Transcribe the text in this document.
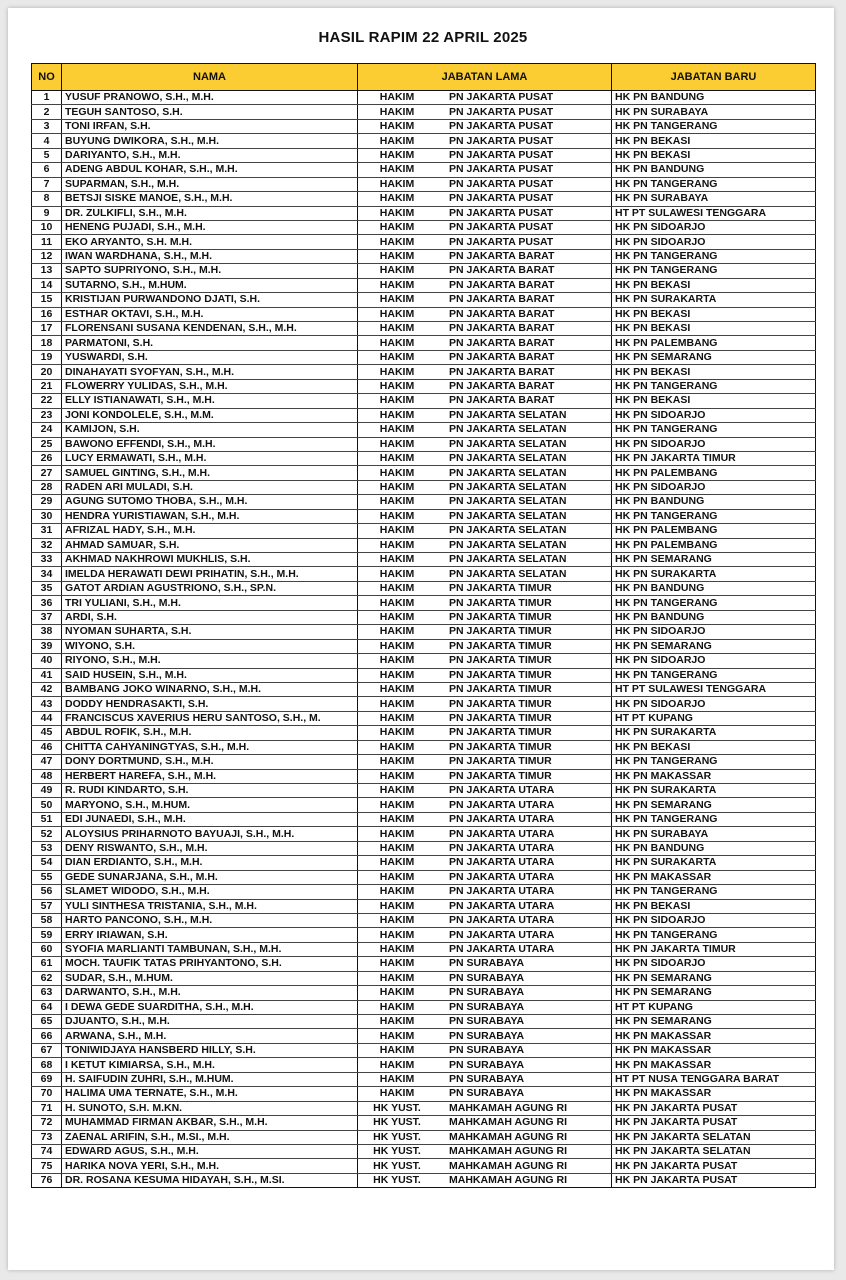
HASIL RAPIM 22 APRIL 2025
NO	NAMA	JABATAN LAMA	JABATAN BARU
1	YUSUF PRANOWO, S.H., M.H.	HAKIM PN JAKARTA PUSAT	HK PN BANDUNG
2	TEGUH SANTOSO, S.H.	HAKIM PN JAKARTA PUSAT	HK PN SURABAYA
3	TONI IRFAN, S.H.	HAKIM PN JAKARTA PUSAT	HK PN TANGERANG
4	BUYUNG DWIKORA, S.H., M.H.	HAKIM PN JAKARTA PUSAT	HK PN BEKASI
5	DARIYANTO, S.H., M.H.	HAKIM PN JAKARTA PUSAT	HK PN BEKASI
6	ADENG ABDUL KOHAR, S.H., M.H.	HAKIM PN JAKARTA PUSAT	HK PN BANDUNG
7	SUPARMAN, S.H., M.H.	HAKIM PN JAKARTA PUSAT	HK PN TANGERANG
8	BETSJI SISKE MANOE, S.H., M.H.	HAKIM PN JAKARTA PUSAT	HK PN SURABAYA
9	DR. ZULKIFLI, S.H., M.H.	HAKIM PN JAKARTA PUSAT	HT PT SULAWESI TENGGARA
10	HENENG PUJADI, S.H., M.H.	HAKIM PN JAKARTA PUSAT	HK PN SIDOARJO
11	EKO ARYANTO, S.H. M.H.	HAKIM PN JAKARTA PUSAT	HK PN SIDOARJO
12	IWAN WARDHANA, S.H., M.H.	HAKIM PN JAKARTA BARAT	HK PN TANGERANG
13	SAPTO SUPRIYONO, S.H., M.H.	HAKIM PN JAKARTA BARAT	HK PN TANGERANG
14	SUTARNO, S.H., M.HUM.	HAKIM PN JAKARTA BARAT	HK PN BEKASI
15	KRISTIJAN PURWANDONO DJATI, S.H.	HAKIM PN JAKARTA BARAT	HK PN SURAKARTA
16	ESTHAR OKTAVI, S.H., M.H.	HAKIM PN JAKARTA BARAT	HK PN BEKASI
17	FLORENSANI SUSANA KENDENAN, S.H., M.H.	HAKIM PN JAKARTA BARAT	HK PN BEKASI
18	PARMATONI, S.H.	HAKIM PN JAKARTA BARAT	HK PN PALEMBANG
19	YUSWARDI, S.H.	HAKIM PN JAKARTA BARAT	HK PN SEMARANG
20	DINAHAYATI SYOFYAN, S.H., M.H.	HAKIM PN JAKARTA BARAT	HK PN BEKASI
21	FLOWERRY YULIDAS, S.H., M.H.	HAKIM PN JAKARTA BARAT	HK PN TANGERANG
22	ELLY ISTIANAWATI, S.H., M.H.	HAKIM PN JAKARTA BARAT	HK PN BEKASI
23	JONI KONDOLELE, S.H., M.M.	HAKIM PN JAKARTA SELATAN	HK PN SIDOARJO
24	KAMIJON, S.H.	HAKIM PN JAKARTA SELATAN	HK PN TANGERANG
25	BAWONO EFFENDI, S.H., M.H.	HAKIM PN JAKARTA SELATAN	HK PN SIDOARJO
26	LUCY ERMAWATI, S.H., M.H.	HAKIM PN JAKARTA SELATAN	HK PN JAKARTA TIMUR
27	SAMUEL GINTING, S.H., M.H.	HAKIM PN JAKARTA SELATAN	HK PN PALEMBANG
28	RADEN ARI MULADI, S.H.	HAKIM PN JAKARTA SELATAN	HK PN SIDOARJO
29	AGUNG SUTOMO THOBA, S.H., M.H.	HAKIM PN JAKARTA SELATAN	HK PN BANDUNG
30	HENDRA YURISTIAWAN, S.H., M.H.	HAKIM PN JAKARTA SELATAN	HK PN TANGERANG
31	AFRIZAL HADY, S.H., M.H.	HAKIM PN JAKARTA SELATAN	HK PN PALEMBANG
32	AHMAD SAMUAR, S.H.	HAKIM PN JAKARTA SELATAN	HK PN PALEMBANG
33	AKHMAD NAKHROWI MUKHLIS, S.H.	HAKIM PN JAKARTA SELATAN	HK PN SEMARANG
34	IMELDA HERAWATI DEWI PRIHATIN, S.H., M.H.	HAKIM PN JAKARTA SELATAN	HK PN SURAKARTA
35	GATOT ARDIAN AGUSTRIONO, S.H., SP.N.	HAKIM PN JAKARTA TIMUR	HK PN BANDUNG
36	TRI YULIANI, S.H., M.H.	HAKIM PN JAKARTA TIMUR	HK PN TANGERANG
37	ARDI, S.H.	HAKIM PN JAKARTA TIMUR	HK PN BANDUNG
38	NYOMAN SUHARTA, S.H.	HAKIM PN JAKARTA TIMUR	HK PN SIDOARJO
39	WIYONO, S.H.	HAKIM PN JAKARTA TIMUR	HK PN SEMARANG
40	RIYONO, S.H., M.H.	HAKIM PN JAKARTA TIMUR	HK PN SIDOARJO
41	SAID HUSEIN, S.H., M.H.	HAKIM PN JAKARTA TIMUR	HK PN TANGERANG
42	BAMBANG JOKO WINARNO, S.H., M.H.	HAKIM PN JAKARTA TIMUR	HT PT SULAWESI TENGGARA
43	DODDY HENDRASAKTI, S.H.	HAKIM PN JAKARTA TIMUR	HK PN SIDOARJO
44	FRANCISCUS XAVERIUS HERU SANTOSO, S.H., M.	HAKIM PN JAKARTA TIMUR	HT PT KUPANG
45	ABDUL ROFIK, S.H., M.H.	HAKIM PN JAKARTA TIMUR	HK PN SURAKARTA
46	CHITTA CAHYANINGTYAS, S.H., M.H.	HAKIM PN JAKARTA TIMUR	HK PN BEKASI
47	DONY DORTMUND, S.H., M.H.	HAKIM PN JAKARTA TIMUR	HK PN TANGERANG
48	HERBERT HAREFA, S.H., M.H.	HAKIM PN JAKARTA TIMUR	HK PN MAKASSAR
49	R. RUDI KINDARTO, S.H.	HAKIM PN JAKARTA UTARA	HK PN SURAKARTA
50	MARYONO, S.H., M.HUM.	HAKIM PN JAKARTA UTARA	HK PN SEMARANG
51	EDI JUNAEDI, S.H., M.H.	HAKIM PN JAKARTA UTARA	HK PN TANGERANG
52	ALOYSIUS PRIHARNOTO BAYUAJI, S.H., M.H.	HAKIM PN JAKARTA UTARA	HK PN SURABAYA
53	DENY RISWANTO, S.H., M.H.	HAKIM PN JAKARTA UTARA	HK PN BANDUNG
54	DIAN ERDIANTO, S.H., M.H.	HAKIM PN JAKARTA UTARA	HK PN SURAKARTA
55	GEDE SUNARJANA, S.H., M.H.	HAKIM PN JAKARTA UTARA	HK PN MAKASSAR
56	SLAMET WIDODO, S.H., M.H.	HAKIM PN JAKARTA UTARA	HK PN TANGERANG
57	YULI SINTHESA TRISTANIA, S.H., M.H.	HAKIM PN JAKARTA UTARA	HK PN BEKASI
58	HARTO PANCONO, S.H., M.H.	HAKIM PN JAKARTA UTARA	HK PN SIDOARJO
59	ERRY IRIAWAN, S.H.	HAKIM PN JAKARTA UTARA	HK PN TANGERANG
60	SYOFIA MARLIANTI TAMBUNAN, S.H., M.H.	HAKIM PN JAKARTA UTARA	HK PN JAKARTA TIMUR
61	MOCH. TAUFIK TATAS PRIHYANTONO, S.H.	HAKIM PN SURABAYA	HK PN SIDOARJO
62	SUDAR, S.H., M.HUM.	HAKIM PN SURABAYA	HK PN SEMARANG
63	DARWANTO, S.H., M.H.	HAKIM PN SURABAYA	HK PN SEMARANG
64	I DEWA GEDE SUARDITHA, S.H., M.H.	HAKIM PN SURABAYA	HT PT KUPANG
65	DJUANTO, S.H., M.H.	HAKIM PN SURABAYA	HK PN SEMARANG
66	ARWANA, S.H., M.H.	HAKIM PN SURABAYA	HK PN MAKASSAR
67	TONIWIDJAYA HANSBERD HILLY, S.H.	HAKIM PN SURABAYA	HK PN MAKASSAR
68	I KETUT KIMIARSA, S.H., M.H.	HAKIM PN SURABAYA	HK PN MAKASSAR
69	H. SAIFUDIN ZUHRI, S.H., M.HUM.	HAKIM PN SURABAYA	HT PT NUSA TENGGARA BARAT
70	HALIMA UMA TERNATE, S.H., M.H.	HAKIM PN SURABAYA	HK PN MAKASSAR
71	H. SUNOTO, S.H. M.KN.	HK YUST. MAHKAMAH AGUNG RI	HK PN JAKARTA PUSAT
72	MUHAMMAD FIRMAN AKBAR, S.H., M.H.	HK YUST. MAHKAMAH AGUNG RI	HK PN JAKARTA PUSAT
73	ZAENAL ARIFIN, S.H., M.SI., M.H.	HK YUST. MAHKAMAH AGUNG RI	HK PN JAKARTA SELATAN
74	EDWARD AGUS, S.H., M.H.	HK YUST. MAHKAMAH AGUNG RI	HK PN JAKARTA SELATAN
75	HARIKA NOVA YERI, S.H., M.H.	HK YUST. MAHKAMAH AGUNG RI	HK PN JAKARTA PUSAT
76	DR. ROSANA KESUMA HIDAYAH, S.H., M.SI.	HK YUST. MAHKAMAH AGUNG RI	HK PN JAKARTA PUSAT
